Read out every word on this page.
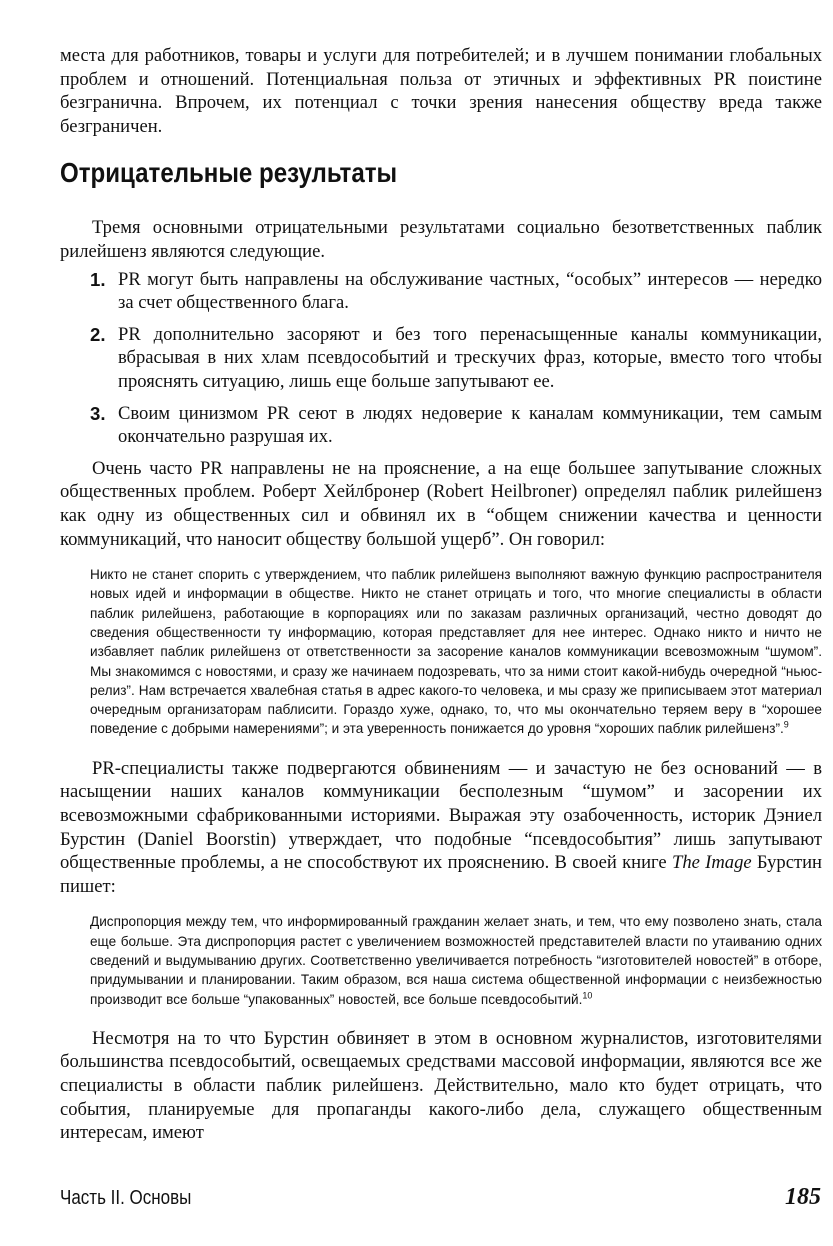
места для работников, товары и услуги для потребителей; и в лучшем понимании глобальных проблем и отношений. Потенциальная польза от этичных и эффективных PR поистине безгранична. Впрочем, их потенциал с точки зрения нанесения обществу вреда также безграничен.

Отрицательные результаты

Тремя основными отрицательными результатами социально безответственных паблик рилейшенз являются следующие.

1. PR могут быть направлены на обслуживание частных, “особых” интересов — нередко за счет общественного блага.

2. PR дополнительно засоряют и без того перенасыщенные каналы коммуникации, вбрасывая в них хлам псевдособытий и трескучих фраз, которые, вместо того чтобы прояснять ситуацию, лишь еще больше запутывают ее.

3. Своим цинизмом PR сеют в людях недоверие к каналам коммуникации, тем самым окончательно разрушая их.

Очень часто PR направлены не на прояснение, а на еще большее запутывание сложных общественных проблем. Роберт Хейлбронер (Robert Heilbroner) определял паблик рилейшенз как одну из общественных сил и обвинял их в “общем снижении качества и ценности коммуникаций, что наносит обществу большой ущерб”. Он говорил:

Никто не станет спорить с утверждением, что паблик рилейшенз выполняют важную функцию распространителя новых идей и информации в обществе. Никто не станет отрицать и того, что многие специалисты в области паблик рилейшенз, работающие в корпорациях или по заказам различных организаций, честно доводят до сведения общественности ту информацию, которая представляет для нее интерес. Однако никто и ничто не избавляет паблик рилейшенз от ответственности за засорение каналов коммуникации всевозможным “шумом”. Мы знакомимся с новостями, и сразу же начинаем подозревать, что за ними стоит какой-нибудь очередной “ньюс-релиз”. Нам встречается хвалебная статья в адрес какого-то человека, и мы сразу же приписываем этот материал очередным организаторам паблисити. Гораздо хуже, однако, то, что мы окончательно теряем веру в “хорошее поведение с добрыми намерениями”; и эта уверенность понижается до уровня “хороших паблик рилейшенз”.$^9$

PR-специалисты также подвергаются обвинениям — и зачастую не без оснований — в насыщении наших каналов коммуникации бесполезным “шумом” и засорении их всевозможными сфабрикованными историями. Выражая эту озабоченность, историк Дэниел Бурстин (Daniel Boorstin) утверждает, что подобные “псевдособытия” лишь запутывают общественные проблемы, а не способствуют их прояснению. В своей книге The Image Бурстин пишет:

Диспропорция между тем, что информированный гражданин желает знать, и тем, что ему позволено знать, стала еще больше. Эта диспропорция растет с увеличением возможностей представителей власти по утаиванию одних сведений и выдумыванию других. Соответственно увеличивается потребность “изготовителей новостей” в отборе, придумывании и планировании. Таким образом, вся наша система общественной информации с неизбежностью производит все больше “упакованных” новостей, все больше псевдособытий.$^{10}$

Несмотря на то что Бурстин обвиняет в этом в основном журналистов, изготовителями большинства псевдособытий, освещаемых средствами массовой информации, являются все же специалисты в области паблик рилейшенз. Действительно, мало кто будет отрицать, что события, планируемые для пропаганды какого-либо дела, служащего общественным интересам, имеют

Часть II. Основы	185
